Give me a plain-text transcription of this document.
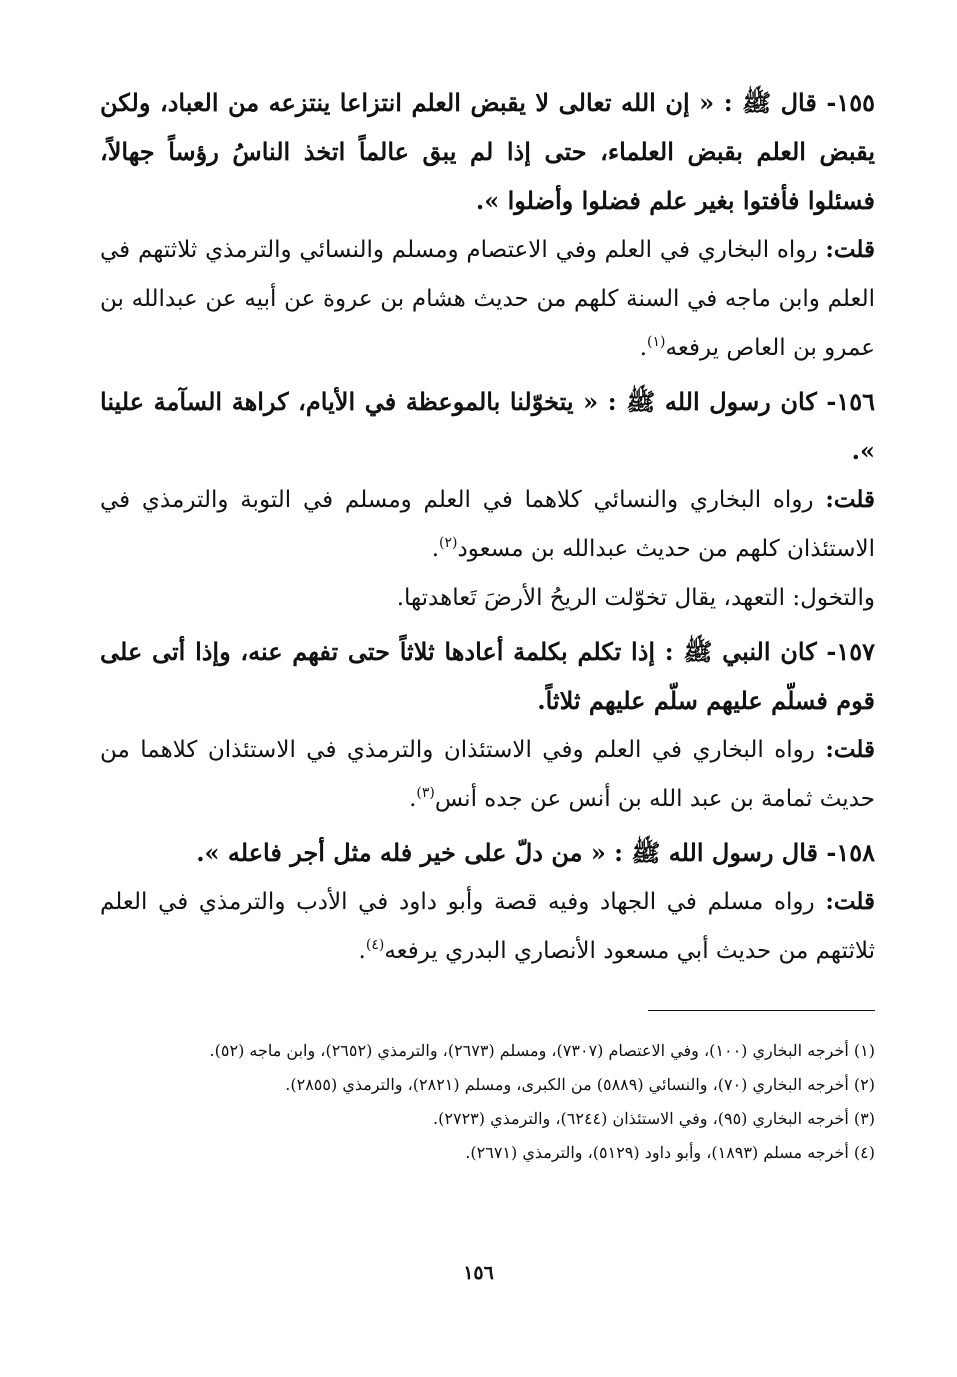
١٥٥- قال ﷺ : « إن الله تعالى لا يقبض العلم انتزاعا ينتزعه من العباد، ولكن يقبض العلم بقبض العلماء، حتى إذا لم يبق عالماً اتخذ الناسُ رؤساً جهالاً، فسئلوا فأفتوا بغير علم فضلوا وأضلوا ».

قلت: رواه البخاري في العلم وفي الاعتصام ومسلم والنسائي والترمذي ثلاثتهم في العلم وابن ماجه في السنة كلهم من حديث هشام بن عروة عن أبيه عن عبدالله بن عمرو بن العاص يرفعه$^{(١)}$.

١٥٦- كان رسول الله ﷺ : « يتخوّلنا بالموعظة في الأيام، كراهة السآمة علينا ».

قلت: رواه البخاري والنسائي كلاهما في العلم ومسلم في التوبة والترمذي في الاستئذان كلهم من حديث عبدالله بن مسعود$^{(٢)}$.

والتخول: التعهد، يقال تخوّلت الريحُ الأرضَ تَعاهدتها.

١٥٧- كان النبي ﷺ : إذا تكلم بكلمة أعادها ثلاثاً حتى تفهم عنه، وإذا أتى على قوم فسلّم عليهم سلّم عليهم ثلاثاً.

قلت: رواه البخاري في العلم وفي الاستئذان والترمذي في الاستئذان كلاهما من حديث ثمامة بن عبد الله بن أنس عن جده أنس$^{(٣)}$.

١٥٨- قال رسول الله ﷺ : « من دلّ على خير فله مثل أجر فاعله ».

قلت: رواه مسلم في الجهاد وفيه قصة وأبو داود في الأدب والترمذي في العلم ثلاثتهم من حديث أبي مسعود الأنصاري البدري يرفعه$^{(٤)}$.

(١) أخرجه البخاري (١٠٠)، وفي الاعتصام (٧٣٠٧)، ومسلم (٢٦٧٣)، والترمذي (٢٦٥٢)، وابن ماجه (٥٢).

(٢) أخرجه البخاري (٧٠)، والنسائي (٥٨٨٩) من الكبرى، ومسلم (٢٨٢١)، والترمذي (٢٨٥٥).

(٣) أخرجه البخاري (٩٥)، وفي الاستئذان (٦٢٤٤)، والترمذي (٢٧٢٣).

(٤) أخرجه مسلم (١٨٩٣)، وأبو داود (٥١٢٩)، والترمذي (٢٦٧١).

١٥٦
